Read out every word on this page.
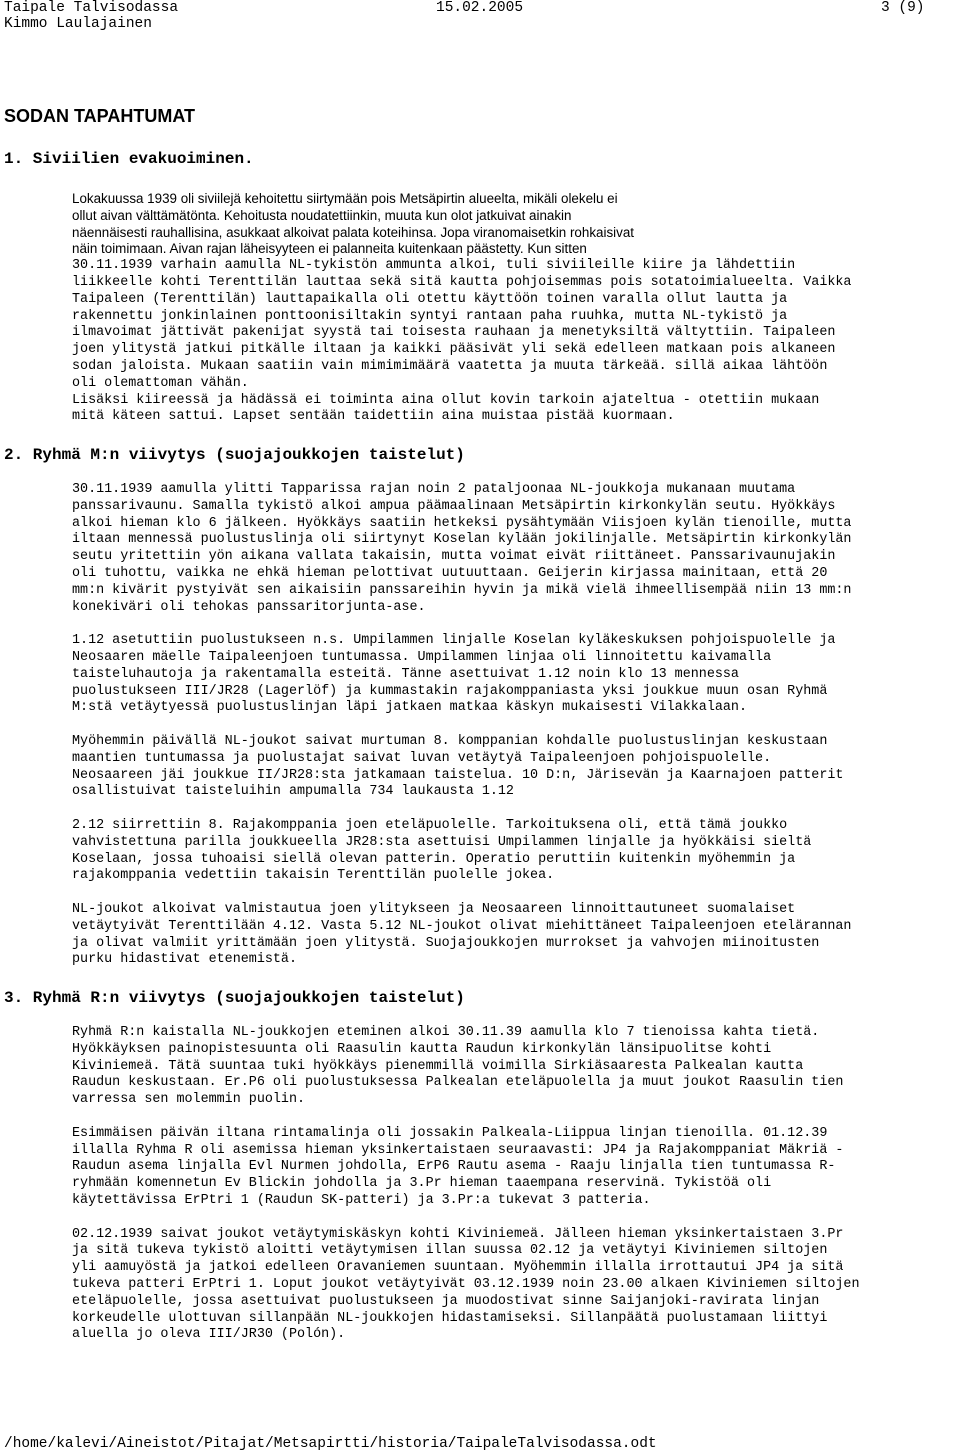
Taipale Talvisodassa	15.02.2005	3 (9)
Kimmo Laulajainen
SODAN TAPAHTUMAT
1. Siviilien evakuoiminen.
Lokakuussa 1939 oli siviilejä kehoitettu siirtymään pois Metsäpirtin alueelta, mikäli olekelu ei
ollut aivan välttämätönta. Kehoitusta noudatettiinkin, muuta kun olot jatkuivat ainakin
näennäisesti rauhallisina, asukkaat alkoivat palata koteihinsa. Jopa viranomaisetkin rohkaisivat
näin toimimaan. Aivan rajan läheisyyteen ei palanneita kuitenkaan päästetty. Kun sitten
30.11.1939 varhain aamulla NL-tykistön ammunta alkoi, tuli siviileille kiire ja lähdettiin
liikkeelle kohti Terenttilän lauttaa sekä sitä kautta pohjoisemmas pois sotatoimialueelta. Vaikka
Taipaleen (Terenttilän) lauttapaikalla oli otettu käyttöön toinen varalla ollut lautta ja
rakennettu jonkinlainen ponttoonisiltakin syntyi rantaan paha ruuhka, mutta NL-tykistö ja
ilmavoimat jättivät pakenijat syystä tai toisesta rauhaan ja menetyksiltä vältyttiin. Taipaleen
joen ylitystä jatkui pitkälle iltaan ja kaikki pääsivät yli sekä edelleen matkaan pois alkaneen
sodan jaloista. Mukaan saatiin vain mimimimäärä vaatetta ja muuta tärkeää. sillä aikaa lähtöön
oli olemattoman vähän.
Lisäksi kiireessä ja hädässä ei toiminta aina ollut kovin tarkoin ajateltua - otettiin mukaan
mitä käteen sattui. Lapset sentään taidettiin aina muistaa pistää kuormaan.
2. Ryhmä M:n viivytys (suojajoukkojen taistelut)

30.11.1939 aamulla ylitti Tapparissa rajan noin 2 pataljoonaa NL-joukkoja mukanaan muutama
panssarivaunu. Samalla tykistö alkoi ampua päämaalinaan Metsäpirtin kirkonkylän seutu. Hyökkäys
alkoi hieman klo 6 jälkeen. Hyökkäys saatiin hetkeksi pysähtymään Viisjoen kylän tienoille, mutta
iltaan mennessä puolustuslinja oli siirtynyt Koselan kylään jokilinjalle. Metsäpirtin kirkonkylän
seutu yritettiin yön aikana vallata takaisin, mutta voimat eivät riittäneet. Panssarivaunujakin
oli tuhottu, vaikka ne ehkä hieman pelottivat uutuuttaan. Geijerin kirjassa mainitaan, että 20
mm:n kivärit pystyivät sen aikaisiin panssareihin hyvin ja mikä vielä ihmeellisempää niin 13 mm:n
konekiväri oli tehokas panssaritorjunta-ase.

1.12 asetuttiin puolustukseen n.s. Umpilammen linjalle Koselan kyläkeskuksen pohjoispuolelle ja
Neosaaren mäelle Taipaleenjoen tuntumassa. Umpilammen linjaa oli linnoitettu kaivamalla
taisteluhautoja ja rakentamalla esteitä. Tänne asettuivat 1.12 noin klo 13 mennessa
puolustukseen III/JR28 (Lagerlöf) ja kummastakin rajakomppaniasta yksi joukkue muun osan Ryhmä
M:stä vetäytyessä puolustuslinjan läpi jatkaen matkaa käskyn mukaisesti Vilakkalaan.

Myöhemmin päivällä NL-joukot saivat murtuman 8. komppanian kohdalle puolustuslinjan keskustaan
maantien tuntumassa ja puolustajat saivat luvan vetäytyä Taipaleenjoen pohjoispuolelle.
Neosaareen jäi joukkue II/JR28:sta jatkamaan taistelua. 10 D:n, Järisevän ja Kaarnajoen patterit
osallistuivat taisteluihin ampumalla 734 laukausta 1.12

2.12 siirrettiin 8. Rajakomppania joen eteläpuolelle. Tarkoituksena oli, että tämä joukko
vahvistettuna parilla joukkueella JR28:sta asettuisi Umpilammen linjalle ja hyökkäisi sieltä
Koselaan, jossa tuhoaisi siellä olevan patterin. Operatio peruttiin kuitenkin myöhemmin ja
rajakomppania vedettiin takaisin Terenttilän puolelle jokea.

NL-joukot alkoivat valmistautua joen ylitykseen ja Neosaareen linnoittautuneet suomalaiset
vetäytyivät Terenttilään 4.12. Vasta 5.12 NL-joukot olivat miehittäneet Taipaleenjoen etelärannan
ja olivat valmiit yrittämään joen ylitystä. Suojajoukkojen murrokset ja vahvojen miinoitusten
purku hidastivat etenemistä.

3. Ryhmä R:n viivytys (suojajoukkojen taistelut)

Ryhmä R:n kaistalla NL-joukkojen eteminen alkoi 30.11.39 aamulla klo 7 tienoissa kahta tietä.
Hyökkäyksen painopistesuunta oli Raasulin kautta Raudun kirkonkylän länsipuolitse kohti
Kiviniemeä. Tätä suuntaa tuki hyökkäys pienemmillä voimilla Sirkiäsaaresta Palkealan kautta
Raudun keskustaan. Er.P6 oli puolustuksessa Palkealan eteläpuolella ja muut joukot Raasulin tien
varressa sen molemmin puolin.

Esimmäisen päivän iltana rintamalinja oli jossakin Palkeala-Liippua linjan tienoilla. 01.12.39
illalla Ryhma R oli asemissa hieman yksinkertaistaen seuraavasti: JP4 ja Rajakomppaniat Mäkriä -
Raudun asema linjalla Evl Nurmen johdolla, ErP6 Rautu asema - Raaju linjalla tien tuntumassa R-
ryhmään komennetun Ev Blickin johdolla ja 3.Pr hieman taaempana reservinä. Tykistöä oli
käytettävissa ErPtri 1 (Raudun SK-patteri) ja 3.Pr:a tukevat 3 patteria.

02.12.1939 saivat joukot vetäytymiskäskyn kohti Kiviniemeä. Jälleen hieman yksinkertaistaen 3.Pr
ja sitä tukeva tykistö aloitti vetäytymisen illan suussa 02.12 ja vetäytyi Kiviniemen siltojen
yli aamuyöstä ja jatkoi edelleen Oravaniemen suuntaan. Myöhemmin illalla irrottautui JP4 ja sitä
tukeva patteri ErPtri 1. Loput joukot vetäytyivät 03.12.1939 noin 23.00 alkaen Kiviniemen siltojen
eteläpuolelle, jossa asettuivat puolustukseen ja muodostivat sinne Saijanjoki-ravirata linjan
korkeudelle ulottuvan sillanpään NL-joukkojen hidastamiseksi. Sillanpäätä puolustamaan liittyi
aluella jo oleva III/JR30 (Polón).

/home/kalevi/Aineistot/Pitajat/Metsapirtti/historia/TaipaleTalvisodassa.odt
